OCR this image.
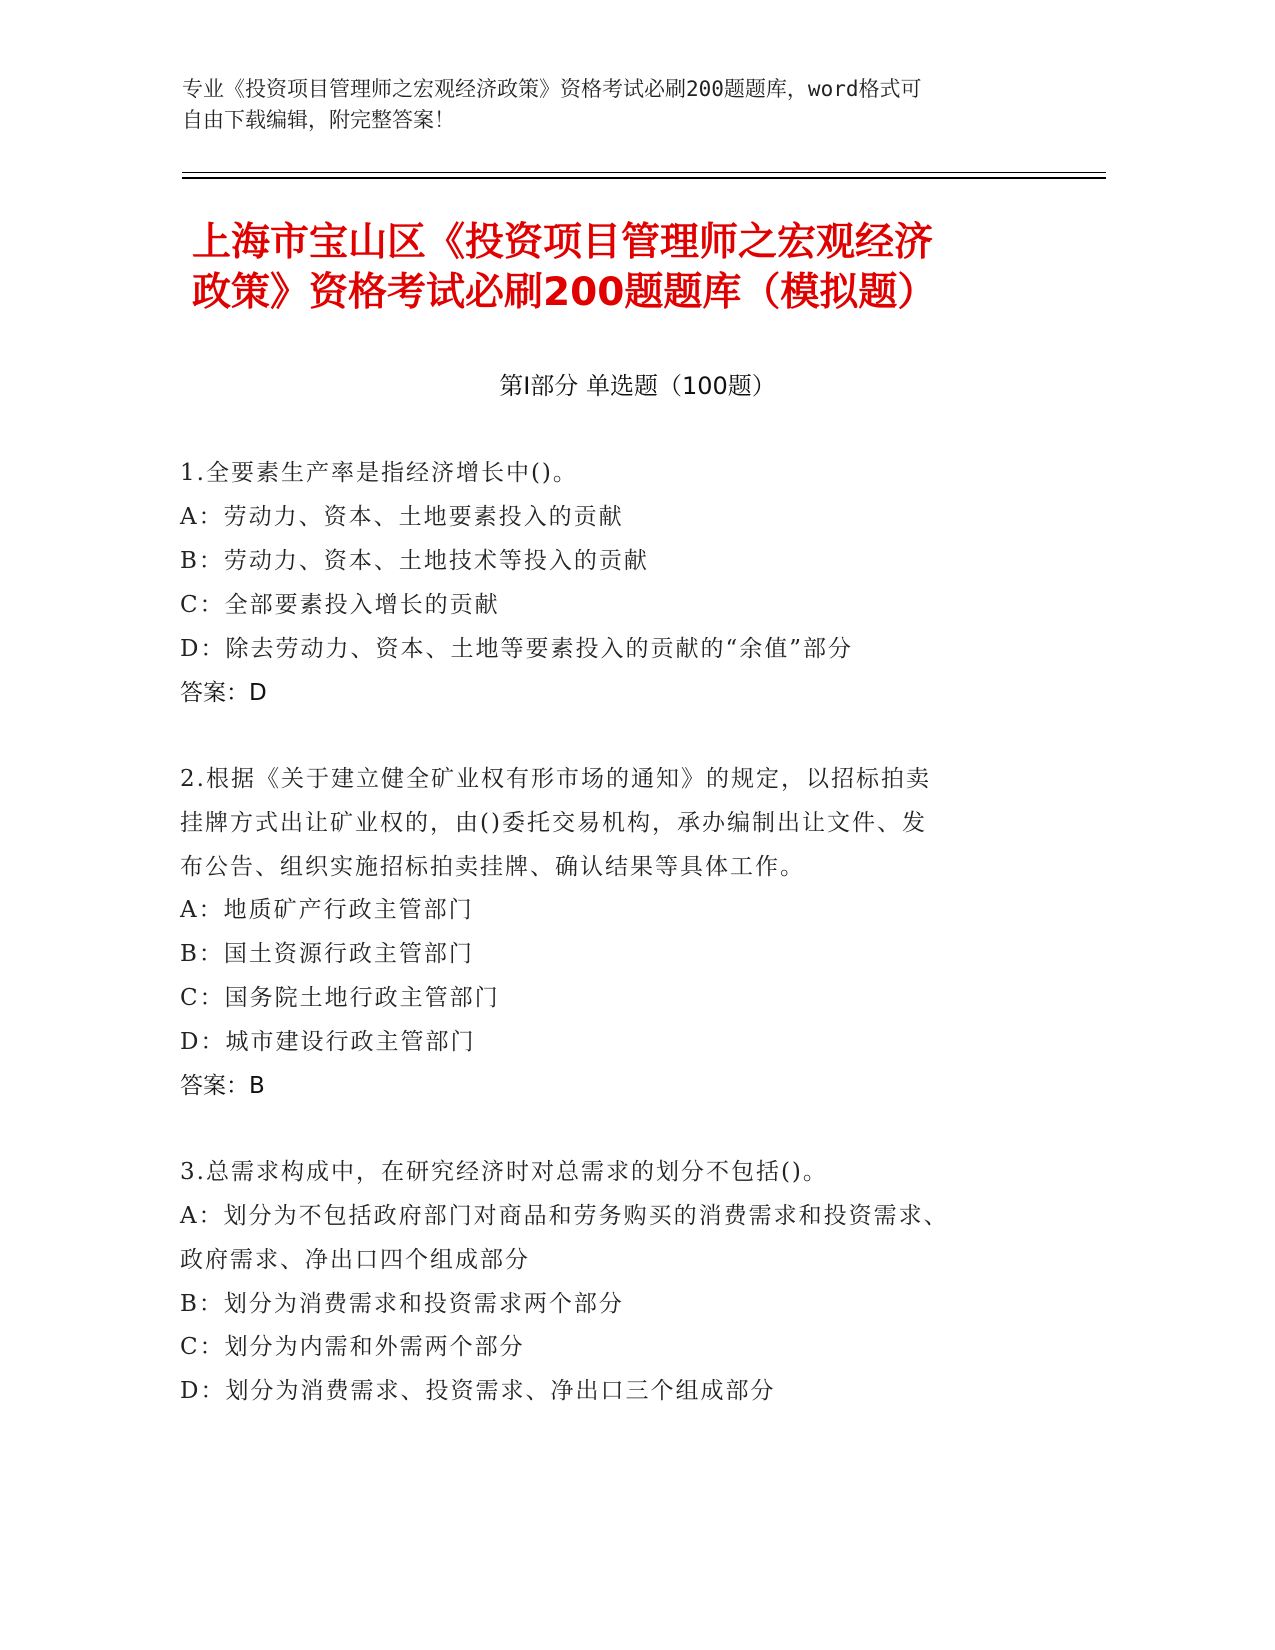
专业《投资项目管理师之宏观经济政策》资格考试必刷200题题库，word格式可
自由下载编辑，附完整答案！
上海市宝山区《投资项目管理师之宏观经济
政策》资格考试必刷200题题库（模拟题）
第Ⅰ部分 单选题（100题）
1.全要素生产率是指经济增长中()。
A：劳动力、资本、土地要素投入的贡献
B：劳动力、资本、土地技术等投入的贡献
C：全部要素投入增长的贡献
D：除去劳动力、资本、土地等要素投入的贡献的“余值”部分
答案：D
2.根据《关于建立健全矿业权有形市场的通知》的规定，以招标拍卖
挂牌方式出让矿业权的，由()委托交易机构，承办编制出让文件、发
布公告、组织实施招标拍卖挂牌、确认结果等具体工作。
A：地质矿产行政主管部门
B：国土资源行政主管部门
C：国务院土地行政主管部门
D：城市建设行政主管部门
答案：B
3.总需求构成中，在研究经济时对总需求的划分不包括()。
A：划分为不包括政府部门对商品和劳务购买的消费需求和投资需求、
政府需求、净出口四个组成部分
B：划分为消费需求和投资需求两个部分
C：划分为内需和外需两个部分
D：划分为消费需求、投资需求、净出口三个组成部分
